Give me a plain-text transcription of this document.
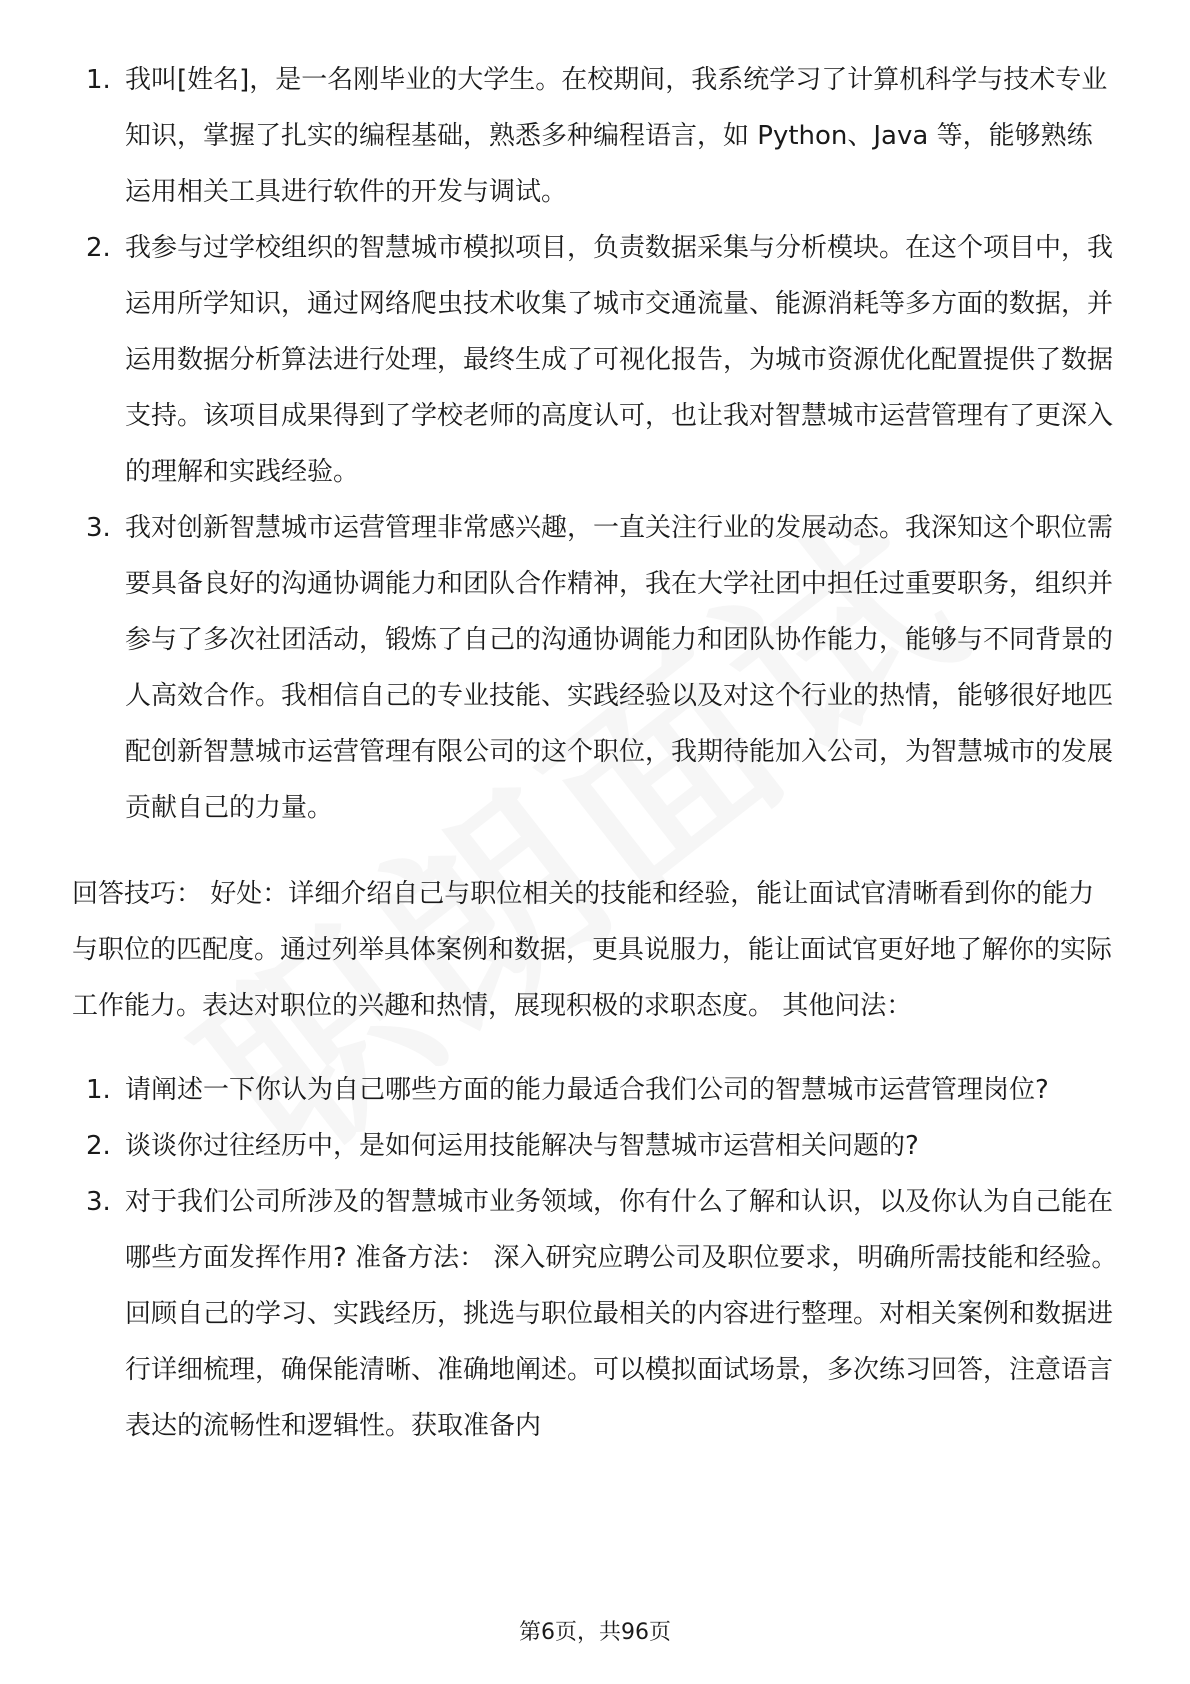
1. 我叫[姓名]，是一名刚毕业的大学生。在校期间，我系统学习了计算机科学与技术专业知识，掌握了扎实的编程基础，熟悉多种编程语言，如 Python、Java 等，能够熟练运用相关工具进行软件的开发与调试。
2. 我参与过学校组织的智慧城市模拟项目，负责数据采集与分析模块。在这个项目中，我运用所学知识，通过网络爬虫技术收集了城市交通流量、能源消耗等多方面的数据，并运用数据分析算法进行处理，最终生成了可视化报告，为城市资源优化配置提供了数据支持。该项目成果得到了学校老师的高度认可，也让我对智慧城市运营管理有了更深入的理解和实践经验。
3. 我对创新智慧城市运营管理非常感兴趣，一直关注行业的发展动态。我深知这个职位需要具备良好的沟通协调能力和团队合作精神，我在大学社团中担任过重要职务，组织并参与了多次社团活动，锻炼了自己的沟通协调能力和团队协作能力，能够与不同背景的人高效合作。我相信自己的专业技能、实践经验以及对这个行业的热情，能够很好地匹配创新智慧城市运营管理有限公司的这个职位，我期待能加入公司，为智慧城市的发展贡献自己的力量。

回答技巧： 好处：详细介绍自己与职位相关的技能和经验，能让面试官清晰看到你的能力与职位的匹配度。通过列举具体案例和数据，更具说服力，能让面试官更好地了解你的实际工作能力。表达对职位的兴趣和热情，展现积极的求职态度。 其他问法：

1. 请阐述一下你认为自己哪些方面的能力最适合我们公司的智慧城市运营管理岗位?
2. 谈谈你过往经历中，是如何运用技能解决与智慧城市运营相关问题的?
3. 对于我们公司所涉及的智慧城市业务领域，你有什么了解和认识，以及你认为自己能在哪些方面发挥作用? 准备方法： 深入研究应聘公司及职位要求，明确所需技能和经验。回顾自己的学习、实践经历，挑选与职位最相关的内容进行整理。对相关案例和数据进行详细梳理，确保能清晰、准确地阐述。可以模拟面试场景，多次练习回答，注意语言表达的流畅性和逻辑性。获取准备内
第6页，共96页
